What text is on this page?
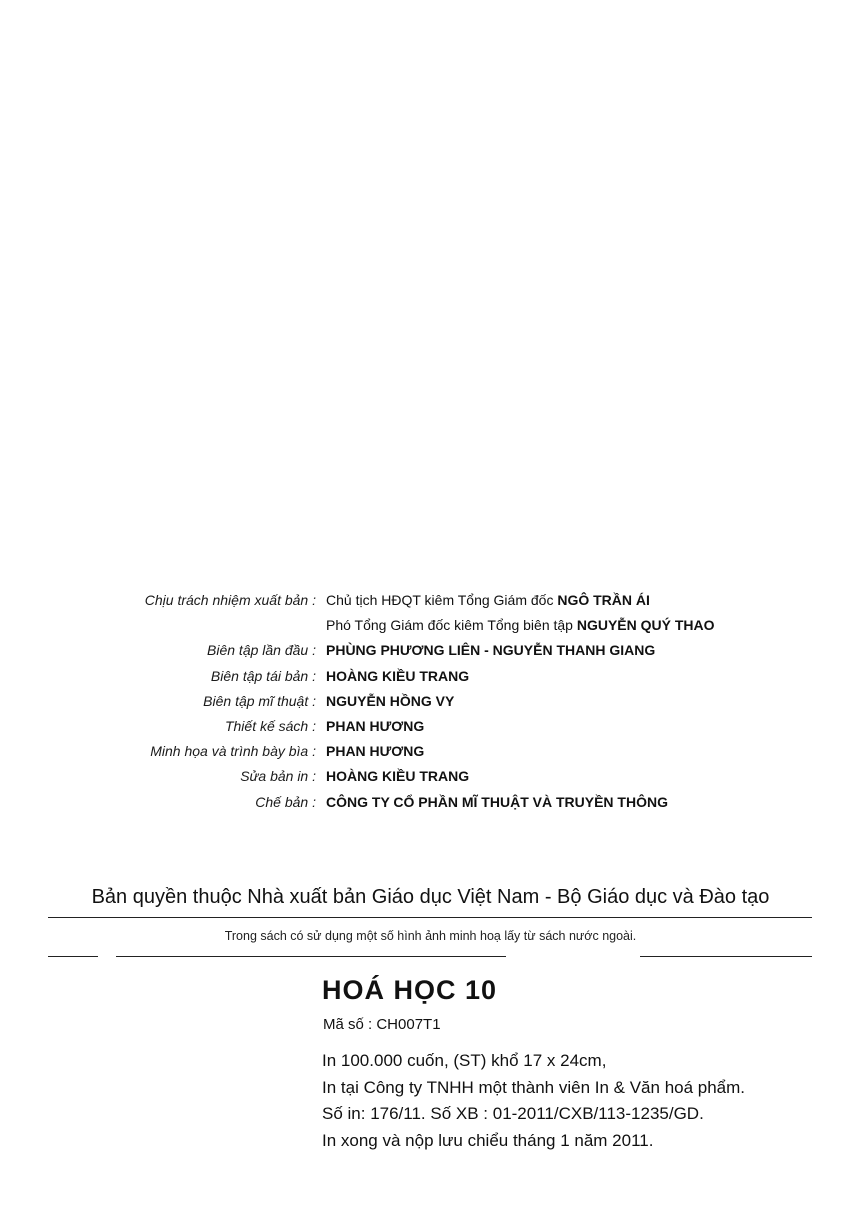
Chịu trách nhiệm xuất bản : Chủ tịch HĐQT kiêm Tổng Giám đốc NGÔ TRẦN ÁI
Phó Tổng Giám đốc kiêm Tổng biên tập NGUYỄN QUÝ THAO
Biên tập lần đầu : PHÙNG PHƯƠNG LIÊN - NGUYỄN THANH GIANG
Biên tập tái bản : HOÀNG KIỀU TRANG
Biên tập mĩ thuật : NGUYỄN HỒNG VY
Thiết kế sách : PHAN HƯƠNG
Minh họa và trình bày bìa : PHAN HƯƠNG
Sửa bản in : HOÀNG KIỀU TRANG
Chế bản : CÔNG TY CỔ PHẦN MĨ THUẬT VÀ TRUYỀN THÔNG
Bản quyền thuộc Nhà xuất bản Giáo dục Việt Nam - Bộ Giáo dục và Đào tạo
Trong sách có sử dụng một số hình ảnh minh hoạ lấy từ sách nước ngoài.
HOÁ HỌC 10
Mã số : CH007T1
In 100.000 cuốn, (ST) khổ 17 x 24cm,
In tại Công ty TNHH một thành viên In & Văn hoá phẩm.
Số in: 176/11. Số XB : 01-2011/CXB/113-1235/GD.
In xong và nộp lưu chiểu tháng 1 năm 2011.
